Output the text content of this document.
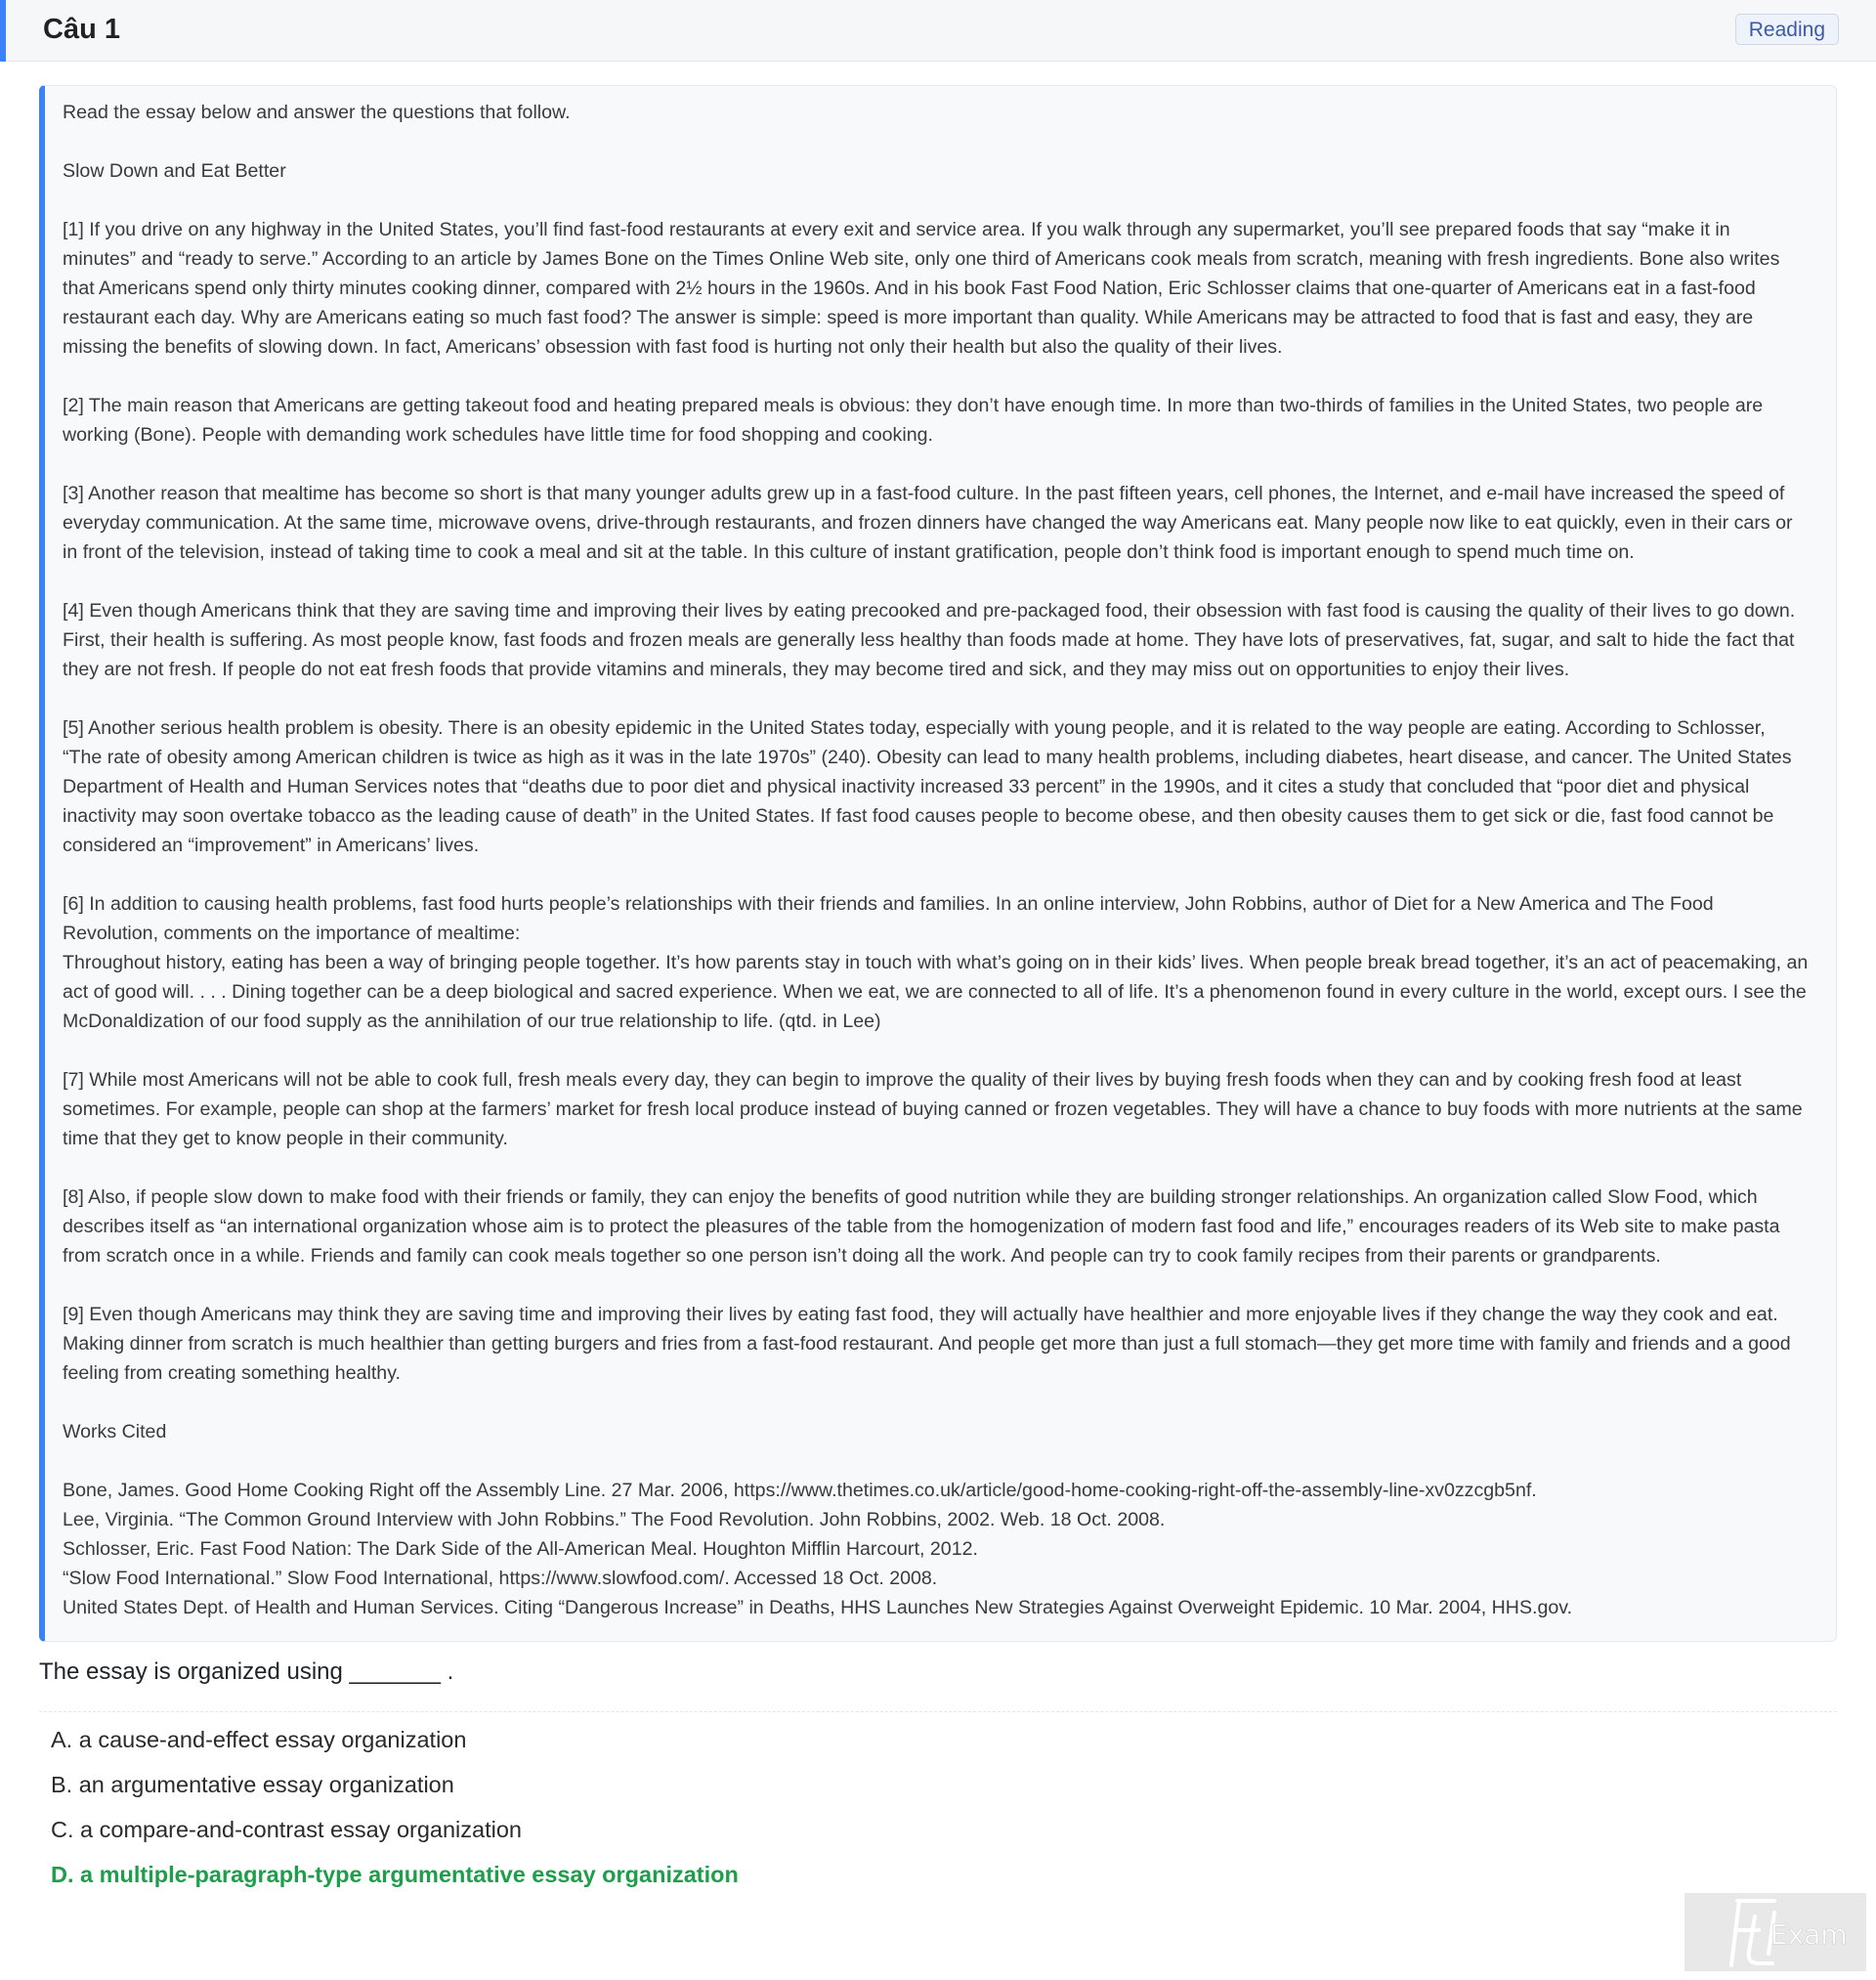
Câu 1	Reading

Read the essay below and answer the questions that follow.

Slow Down and Eat Better

[1] If you drive on any highway in the United States, you’ll find fast-food restaurants at every exit and service area. If you walk through any supermarket, you’ll see prepared foods that say “make it in minutes” and “ready to serve.” According to an article by James Bone on the Times Online Web site, only one third of Americans cook meals from scratch, meaning with fresh ingredients. Bone also writes that Americans spend only thirty minutes cooking dinner, compared with 2½ hours in the 1960s. And in his book Fast Food Nation, Eric Schlosser claims that one-quarter of Americans eat in a fast-food restaurant each day. Why are Americans eating so much fast food? The answer is simple: speed is more important than quality. While Americans may be attracted to food that is fast and easy, they are missing the benefits of slowing down. In fact, Americans’ obsession with fast food is hurting not only their health but also the quality of their lives.

[2] The main reason that Americans are getting takeout food and heating prepared meals is obvious: they don’t have enough time. In more than two-thirds of families in the United States, two people are working (Bone). People with demanding work schedules have little time for food shopping and cooking.

[3] Another reason that mealtime has become so short is that many younger adults grew up in a fast-food culture. In the past fifteen years, cell phones, the Internet, and e-mail have increased the speed of everyday communication. At the same time, microwave ovens, drive-through restaurants, and frozen dinners have changed the way Americans eat. Many people now like to eat quickly, even in their cars or in front of the television, instead of taking time to cook a meal and sit at the table. In this culture of instant gratification, people don’t think food is important enough to spend much time on.

[4] Even though Americans think that they are saving time and improving their lives by eating precooked and pre-packaged food, their obsession with fast food is causing the quality of their lives to go down. First, their health is suffering. As most people know, fast foods and frozen meals are generally less healthy than foods made at home. They have lots of preservatives, fat, sugar, and salt to hide the fact that they are not fresh. If people do not eat fresh foods that provide vitamins and minerals, they may become tired and sick, and they may miss out on opportunities to enjoy their lives.

[5] Another serious health problem is obesity. There is an obesity epidemic in the United States today, especially with young people, and it is related to the way people are eating. According to Schlosser, “The rate of obesity among American children is twice as high as it was in the late 1970s” (240). Obesity can lead to many health problems, including diabetes, heart disease, and cancer. The United States Department of Health and Human Services notes that “deaths due to poor diet and physical inactivity increased 33 percent” in the 1990s, and it cites a study that concluded that “poor diet and physical inactivity may soon overtake tobacco as the leading cause of death” in the United States. If fast food causes people to become obese, and then obesity causes them to get sick or die, fast food cannot be considered an “improvement” in Americans’ lives.

[6] In addition to causing health problems, fast food hurts people’s relationships with their friends and families. In an online interview, John Robbins, author of Diet for a New America and The Food Revolution, comments on the importance of mealtime:

Throughout history, eating has been a way of bringing people together. It’s how parents stay in touch with what’s going on in their kids’ lives. When people break bread together, it’s an act of peacemaking, an act of good will. . . . Dining together can be a deep biological and sacred experience. When we eat, we are connected to all of life. It’s a phenomenon found in every culture in the world, except ours. I see the McDonaldization of our food supply as the annihilation of our true relationship to life. (qtd. in Lee)

[7] While most Americans will not be able to cook full, fresh meals every day, they can begin to improve the quality of their lives by buying fresh foods when they can and by cooking fresh food at least sometimes. For example, people can shop at the farmers’ market for fresh local produce instead of buying canned or frozen vegetables. They will have a chance to buy foods with more nutrients at the same time that they get to know people in their community.

[8] Also, if people slow down to make food with their friends or family, they can enjoy the benefits of good nutrition while they are building stronger relationships. An organization called Slow Food, which describes itself as “an international organization whose aim is to protect the pleasures of the table from the homogenization of modern fast food and life,” encourages readers of its Web site to make pasta from scratch once in a while. Friends and family can cook meals together so one person isn’t doing all the work. And people can try to cook family recipes from their parents or grandparents.

[9] Even though Americans may think they are saving time and improving their lives by eating fast food, they will actually have healthier and more enjoyable lives if they change the way they cook and eat. Making dinner from scratch is much healthier than getting burgers and fries from a fast-food restaurant. And people get more than just a full stomach—they get more time with family and friends and a good feeling from creating something healthy.

Works Cited

Bone, James. Good Home Cooking Right off the Assembly Line. 27 Mar. 2006, https://www.thetimes.co.uk/article/good-home-cooking-right-off-the-assembly-line-xv0zzcgb5nf.

Lee, Virginia. “The Common Ground Interview with John Robbins.” The Food Revolution. John Robbins, 2002. Web. 18 Oct. 2008.

Schlosser, Eric. Fast Food Nation: The Dark Side of the All-American Meal. Houghton Mifflin Harcourt, 2012.

“Slow Food International.” Slow Food International, https://www.slowfood.com/. Accessed 18 Oct. 2008.

United States Dept. of Health and Human Services. Citing “Dangerous Increase” in Deaths, HHS Launches New Strategies Against Overweight Epidemic. 10 Mar. 2004, HHS.gov.

The essay is organized using _______ .
A. a cause-and-effect essay organization
B. an argumentative essay organization
C. a compare-and-contrast essay organization
D. a multiple-paragraph-type argumentative essay organization
Exam
